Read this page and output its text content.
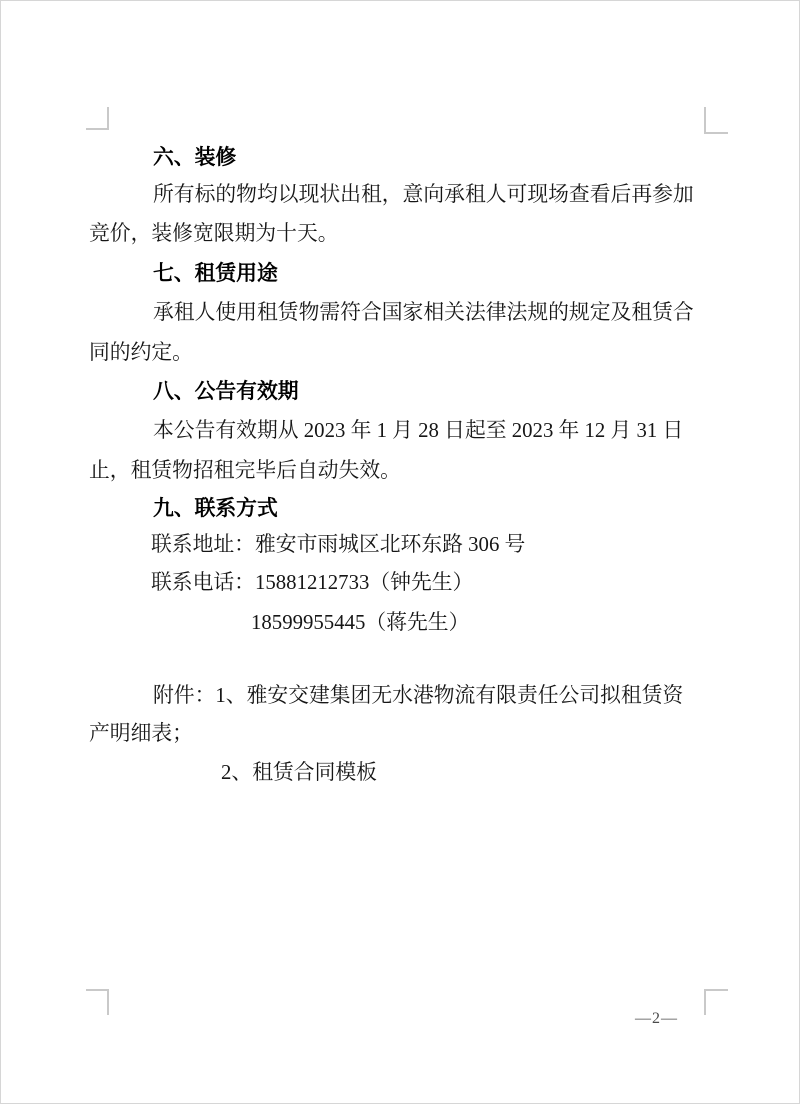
六、装修
所有标的物均以现状出租，意向承租人可现场查看后再参加
竞价，装修宽限期为十天。
七、租赁用途
承租人使用租赁物需符合国家相关法律法规的规定及租赁合
同的约定。
八、公告有效期
本公告有效期从 2023 年 1 月 28 日起至 2023 年 12 月 31 日
止，租赁物招租完毕后自动失效。
九、联系方式
联系地址：雅安市雨城区北环东路 306 号
联系电话：15881212733（钟先生）
18599955445（蒋先生）
附件：1、雅安交建集团无水港物流有限责任公司拟租赁资
产明细表；
2、租赁合同模板
—2—
